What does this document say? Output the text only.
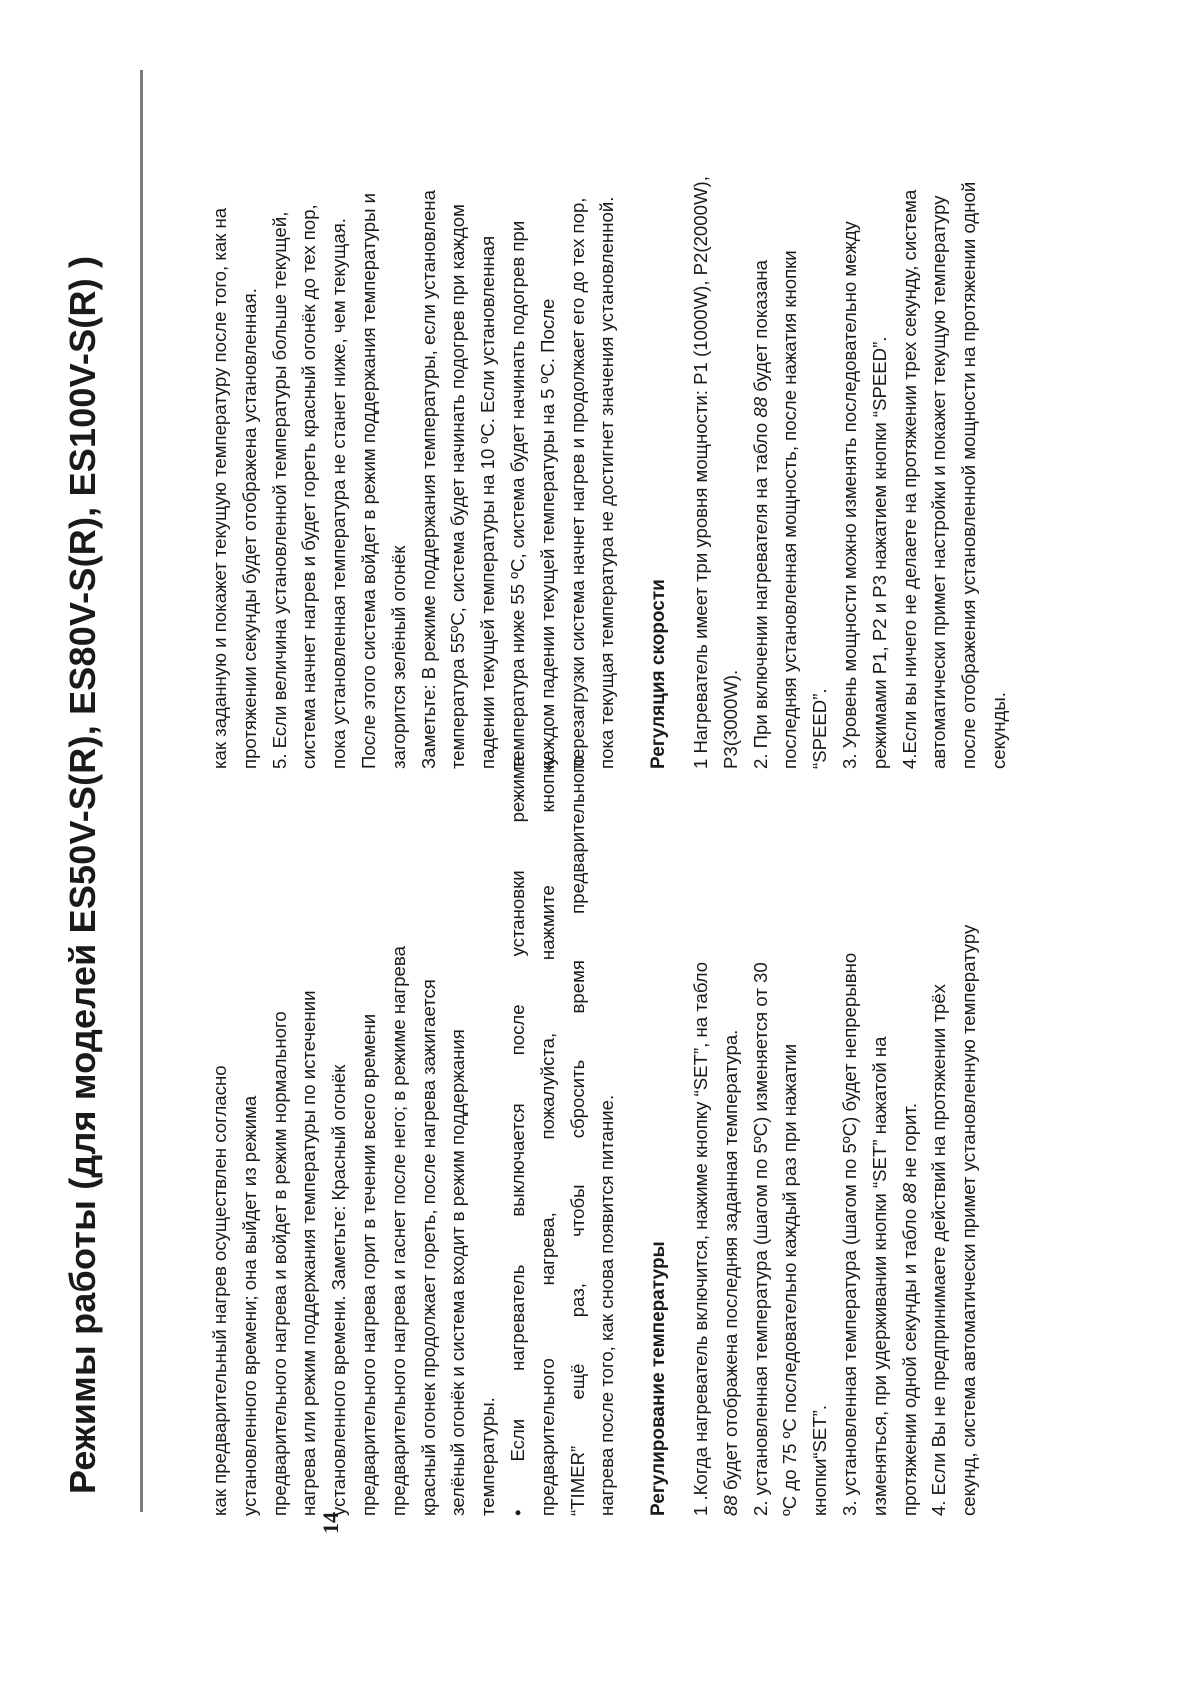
Режимы работы (для моделей ES50V-S(R), ES80V-S(R), ES100V-S(R) )
14

как предварительный нагрев осуществлен согласно установленного времени; она выйдет из режима предварительного нагрева и войдет в режим нормального нагрева или режим поддержания температуры по истечении установленного времени. Заметьте: Красный огонёк предварительного нагрева горит в течении всего времени предварительного нагрева и гаснет после него; в режиме нагрева красный огонек продолжает гореть, после нагрева зажигается зелёный огонёк и система входит в режим поддержания температуры. • Если нагреватель выключается после установки режима предварительного нагрева, пожалуйста, нажмите кнопку “TIMER” ещё раз, чтобы сбросить время предварительного нагрева после того, как снова появится питание. Регулирование температуры 1 .Когда нагреватель включится, нажиме кнопку “SET”, на табло 88 будет отображена последняя заданная температура. 2. установленная температура (шагом по 5ºC) изменяется от 30 ºC до 75 ºC последовательно каждый раз при нажатии кнопки“SET”. 3. установленная температура (шагом по 5ºC) будет непрерывно изменяться, при удерживании кнопки “SET” нажатой на протяжении одной секунды и табло 88 не горит. 4. Если Вы не предпринимаете действий на протяжении трёх секунд, система автоматически примет установленную температуру

как заданную и покажет текущую температуру после того, как на протяжении секунды будет отображена установленная. 5. Если величина установленной температуры больше текущей, система начнет нагрев и будет гореть красный огонёк до тех пор, пока установленная температура не станет ниже, чем текущая. После этого система войдет в режим поддержания температуры и загорится зелёный огонёк Заметьте: В режиме поддержания температуры, если установлена температура 55ºC, система будет начинать подогрев при каждом падении текущей температуры на 10 ºC. Если установленная температура ниже 55 ºC, система будет начинать подогрев при каждом падении текущей температуры на 5 ºC. После перезагрузки система начнет нагрев и продолжает его до тех пор, пока текущая температура не достигнет значения установленной. Регуляция скорости 1 Нагреватель имеет три уровня мощности: P1 (1000W), P2(2000W), P3(3000W). 2. При включении нагревателя на табло 88 будет показана последняя установленная мощность, после нажатия кнопки “SPEED”. 3. Уровень мощности можно изменять последовательно между режимами P1, P2 и P3 нажатием кнопки “SPEED”. 4.Если вы ничего не делаете на протяжении трех секунду, система автоматически примет настройки и покажет текущую температуру после отображения установленной мощности на протяжении одной секунды.
